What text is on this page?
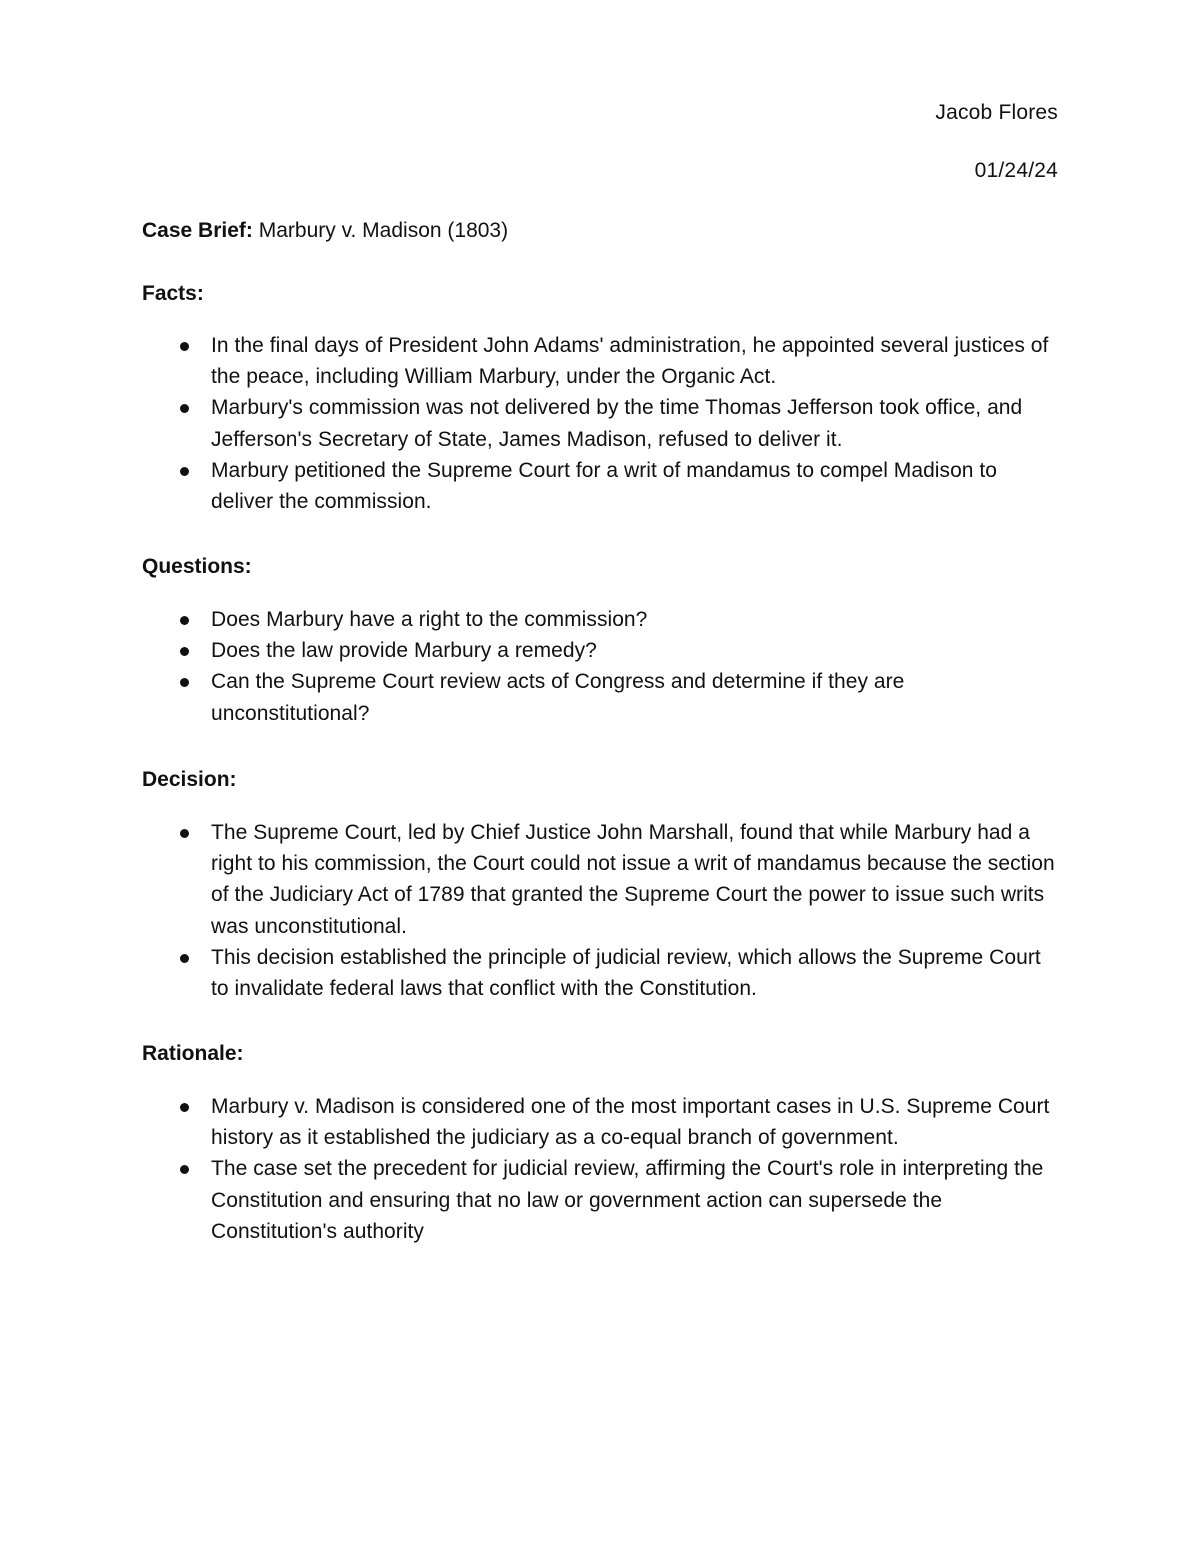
Jacob Flores
01/24/24
Case Brief: Marbury v. Madison (1803)
Facts:
In the final days of President John Adams' administration, he appointed several justices of the peace, including William Marbury, under the Organic Act.
Marbury's commission was not delivered by the time Thomas Jefferson took office, and Jefferson's Secretary of State, James Madison, refused to deliver it.
Marbury petitioned the Supreme Court for a writ of mandamus to compel Madison to deliver the commission.
Questions:
Does Marbury have a right to the commission?
Does the law provide Marbury a remedy?
Can the Supreme Court review acts of Congress and determine if they are unconstitutional?
Decision:
The Supreme Court, led by Chief Justice John Marshall, found that while Marbury had a right to his commission, the Court could not issue a writ of mandamus because the section of the Judiciary Act of 1789 that granted the Supreme Court the power to issue such writs was unconstitutional.
This decision established the principle of judicial review, which allows the Supreme Court to invalidate federal laws that conflict with the Constitution.
Rationale:
Marbury v. Madison is considered one of the most important cases in U.S. Supreme Court history as it established the judiciary as a co-equal branch of government.
The case set the precedent for judicial review, affirming the Court's role in interpreting the Constitution and ensuring that no law or government action can supersede the Constitution's authority
